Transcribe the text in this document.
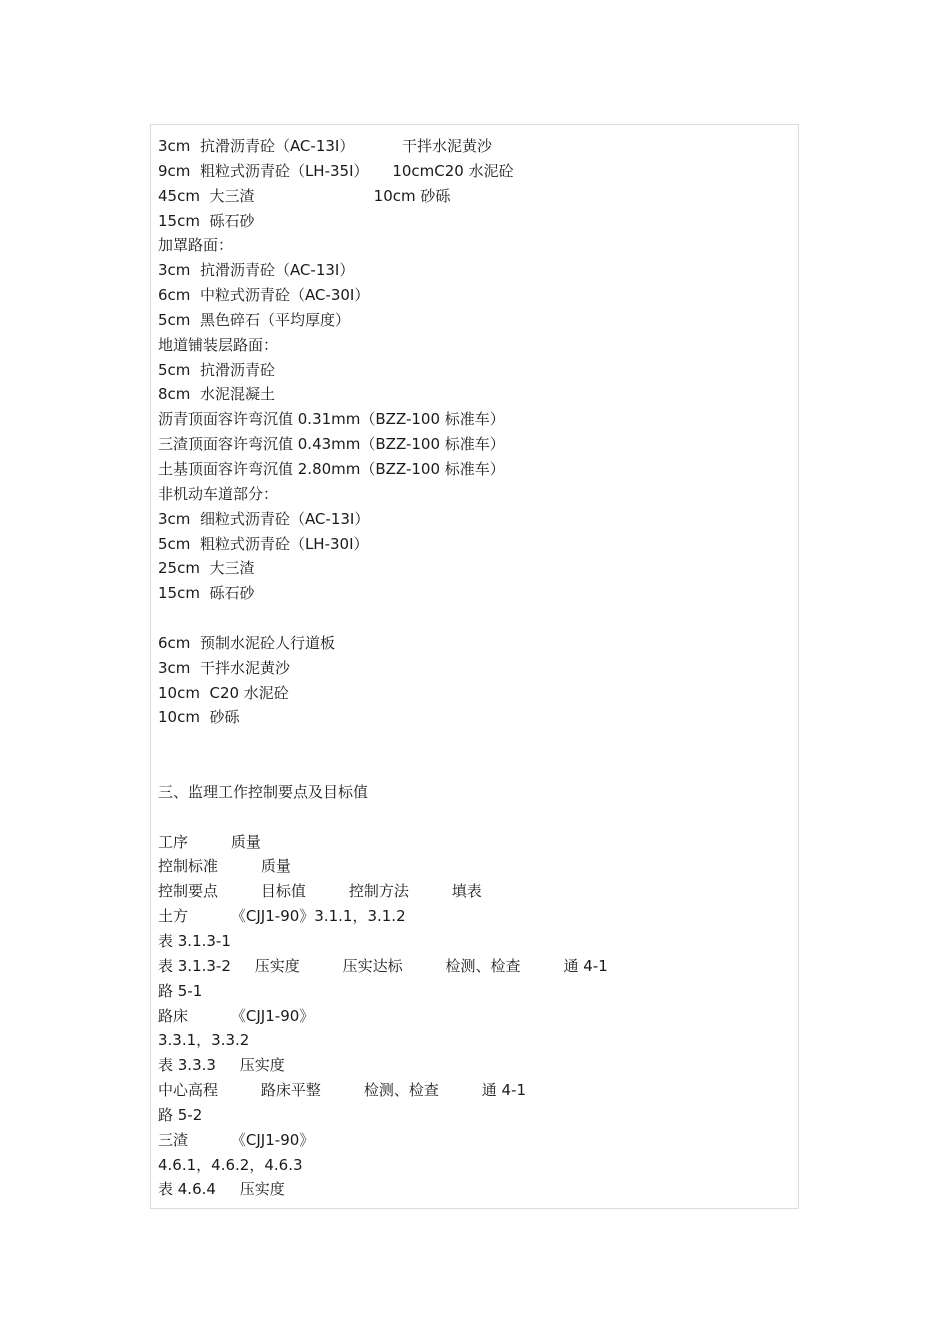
3cm  抗滑沥青砼（AC-13Ⅰ）          干拌水泥黄沙
9cm  粗粒式沥青砼（LH-35Ⅰ）     10cmC20 水泥砼
45cm  大三渣                         10cm 砂砾
15cm  砾石砂
加罩路面：
3cm  抗滑沥青砼（AC-13Ⅰ）
6cm  中粒式沥青砼（AC-30Ⅰ）
5cm  黑色碎石（平均厚度）
地道铺装层路面：
5cm  抗滑沥青砼
8cm  水泥混凝土
沥青顶面容许弯沉值 0.31mm（BZZ-100 标准车）
三渣顶面容许弯沉值 0.43mm（BZZ-100 标准车）
土基顶面容许弯沉值 2.80mm（BZZ-100 标准车）
非机动车道部分：
3cm  细粒式沥青砼（AC-13Ⅰ）
5cm  粗粒式沥青砼（LH-30Ⅰ）
25cm  大三渣
15cm  砾石砂
6cm  预制水泥砼人行道板
3cm  干拌水泥黄沙
10cm  C20 水泥砼
10cm  砂砾
三、监理工作控制要点及目标值
工序         质量
控制标准         质量
控制要点         目标值         控制方法         填表
土方         《CJJ1-90》3.1.1，3.1.2
表 3.1.3-1
表 3.1.3-2     压实度         压实达标         检测、检查         通 4-1
路 5-1
路床         《CJJ1-90》
3.3.1，3.3.2
表 3.3.3     压实度
中心高程         路床平整         检测、检查         通 4-1
路 5-2
三渣         《CJJ1-90》
4.6.1，4.6.2，4.6.3
表 4.6.4     压实度
